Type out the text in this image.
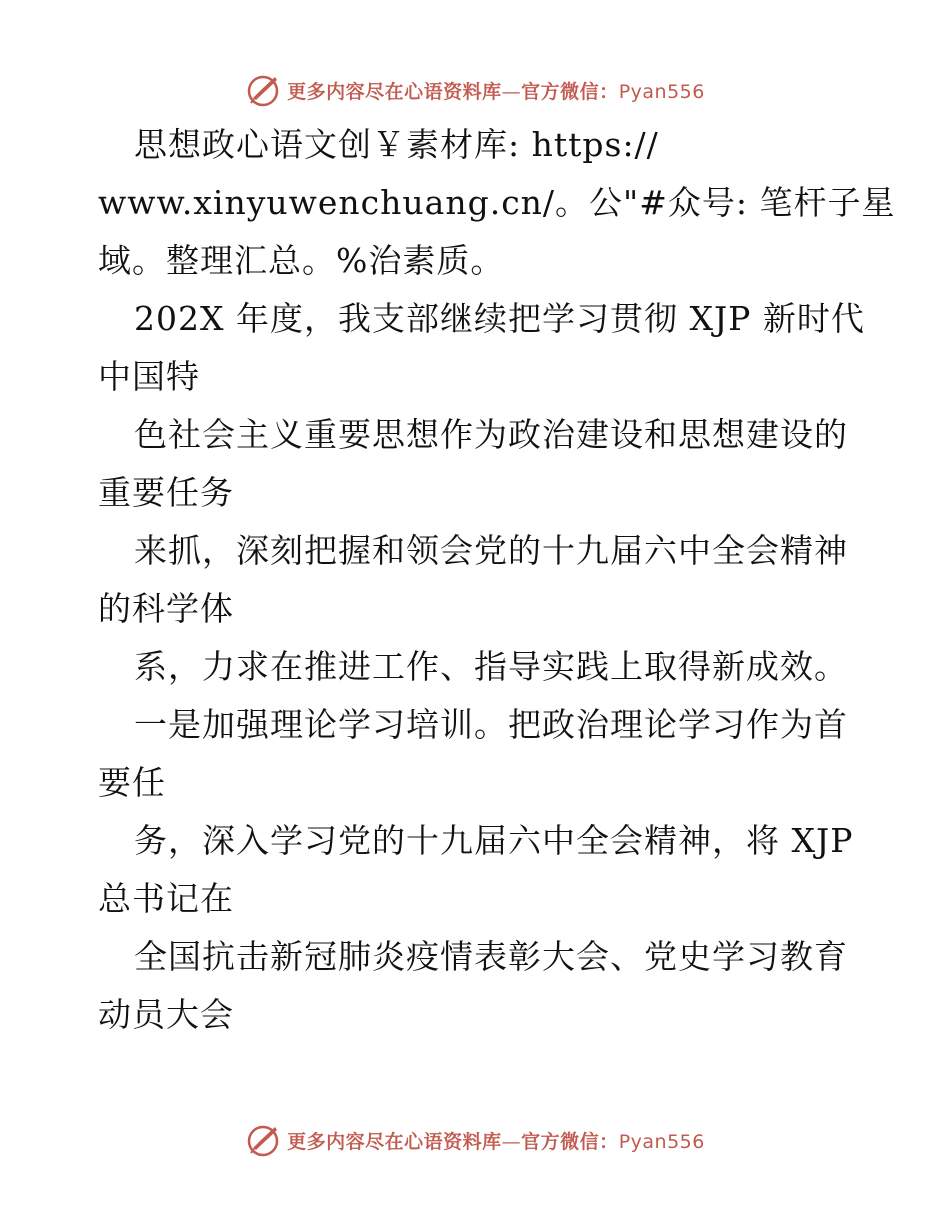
更多内容尽在心语资料库—官方微信：Pyan556
思想政心语文创￥素材库: https://
www.xinyuwenchuang.cn/。公"#众号: 笔杆子星
域。整理汇总。%治素质。
202X 年度，我支部继续把学习贯彻 XJP 新时代
中国特
色社会主义重要思想作为政治建设和思想建设的
重要任务
来抓，深刻把握和领会党的十九届六中全会精神
的科学体
系，力求在推进工作、指导实践上取得新成效。
一是加强理论学习培训。把政治理论学习作为首
要任
务，深入学习党的十九届六中全会精神，将 XJP
总书记在
全国抗击新冠肺炎疫情表彰大会、党史学习教育
动员大会
更多内容尽在心语资料库—官方微信：Pyan556
